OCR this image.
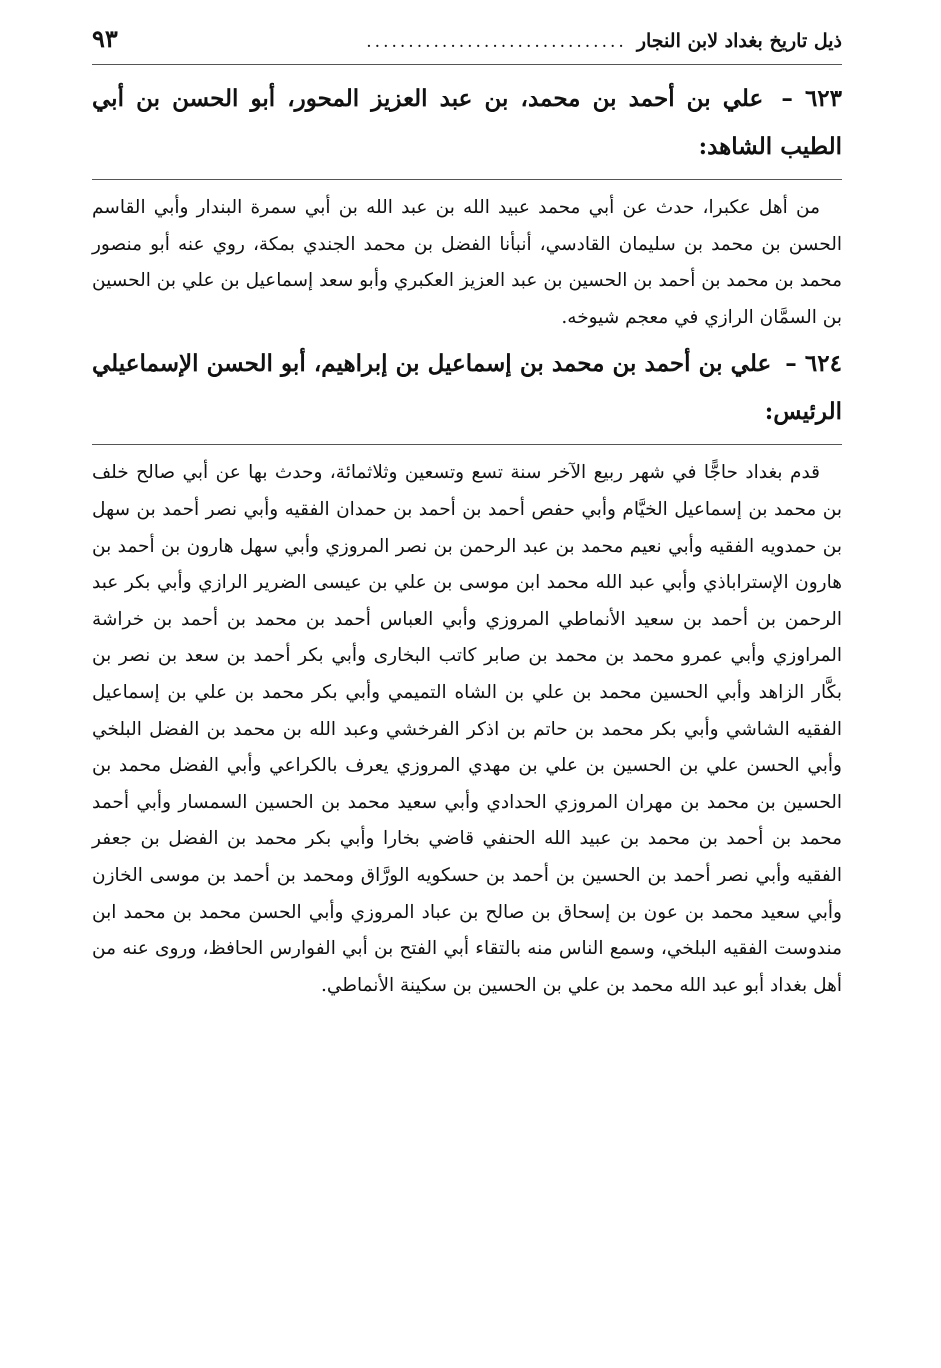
ذيل تاريخ بغداد لابن النجار
...............................
٩٣
٦٢٣ – علي بن أحمد بن محمد، بن عبد العزيز المحور، أبو الحسن بن أبي الطيب الشاهد:

من أهل عكبرا، حدث عن أبي محمد عبيد الله بن عبد الله بن أبي سمرة البندار وأبي القاسم الحسن بن محمد بن سليمان القادسي، أنبأنا الفضل بن محمد الجندي بمكة، روي عنه أبو منصور محمد بن محمد بن أحمد بن الحسين بن عبد العزيز العكبري وأبو سعد إسماعيل بن علي بن الحسين بن السمَّان الرازي في معجم شيوخه.

٦٢٤ – علي بن أحمد بن محمد بن إسماعيل بن إبراهيم، أبو الحسن الإسماعيلي الرئيس:

قدم بغداد حاجًّا في شهر ربيع الآخر سنة تسع وتسعين وثلاثمائة، وحدث بها عن أبي صالح خلف بن محمد بن إسماعيل الخيَّام وأبي حفص أحمد بن أحمد بن حمدان الفقيه وأبي نصر أحمد بن سهل بن حمدويه الفقيه وأبي نعيم محمد بن عبد الرحمن بن نصر المروزي وأبي سهل هارون بن أحمد بن هارون الإستراباذي وأبي عبد الله محمد ابن موسى بن علي بن عيسى الضرير الرازي وأبي بكر عبد الرحمن بن أحمد بن سعيد الأنماطي المروزي وأبي العباس أحمد بن محمد بن أحمد بن خراشة المراوزي وأبي عمرو محمد بن محمد بن صابر كاتب البخارى وأبي بكر أحمد بن سعد بن نصر بن بكَّار الزاهد وأبي الحسين محمد بن علي بن الشاه التميمي وأبي بكر محمد بن علي بن إسماعيل الفقيه الشاشي وأبي بكر محمد بن حاتم بن اذكر الفرخشي وعبد الله بن محمد بن الفضل البلخي وأبي الحسن علي بن الحسين بن علي بن مهدي المروزي يعرف بالكراعي وأبي الفضل محمد بن الحسين بن محمد بن مهران المروزي الحدادي وأبي سعيد محمد بن الحسين السمسار وأبي أحمد محمد بن أحمد بن محمد بن عبيد الله الحنفي قاضي بخارا وأبي بكر محمد بن الفضل بن جعفر الفقيه وأبي نصر أحمد بن الحسين بن أحمد بن حسكويه الورَّاق ومحمد بن أحمد بن موسى الخازن وأبي سعيد محمد بن عون بن إسحاق بن صالح بن عباد المروزي وأبي الحسن محمد بن محمد ابن مندوست الفقيه البلخي، وسمع الناس منه بالتقاء أبي الفتح بن أبي الفوارس الحافظ، وروى عنه من أهل بغداد أبو عبد الله محمد بن علي بن الحسين بن سكينة الأنماطي.
